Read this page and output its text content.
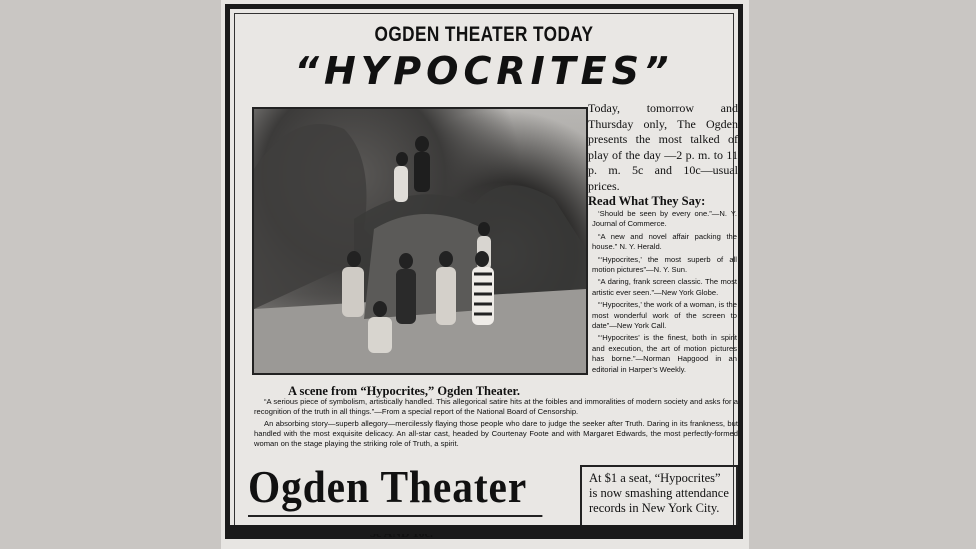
OGDEN THEATER TODAY
“HYPOCRITES”
A scene from “Hypocrites,” Ogden Theater.

Today, tomorrow and Thursday only, The Ogden presents the most talked of play of the day —2 p. m. to 11 p. m. 5c and 10c—usual prices.

Read What They Say:

‘Should be seen by every one.”—N. Y. Journal of Commerce.

“A new and novel affair packing the house.” N. Y. Herald.

“‘Hypocrites,’ the most superb of all motion pictures”—N. Y. Sun.

“A daring, frank screen classic. The most artistic ever seen.”—New York Globe.

“‘Hypocrites,’ the work of a woman, is the most wonderful work of the screen to date”—New York Call.

“‘Hypocrites’ is the finest, both in spirit and execution, the art of motion pictures has borne.”—Norman Hapgood in an editorial in Harper’s Weekly.

“A serious piece of symbolism, artistically handled. This allegorical satire hits at the foibles and immoralities of modern society and asks for a recognition of the truth in all things.”—From a special report of the National Board of Censorship.

An absorbing story—superb allegory—mercilessly flaying those people who dare to judge the seeker after Truth. Daring in its frankness, but handled with the most exquisite delicacy. An all-star cast, headed by Courtenay Foote and with Margaret Edwards, the most perfectly-formed woman on the stage playing the striking role of Truth, a spirit.

Ogden Theater	At $1 a seat, “Hypocrites” is now smashing attendance records in New York City.
